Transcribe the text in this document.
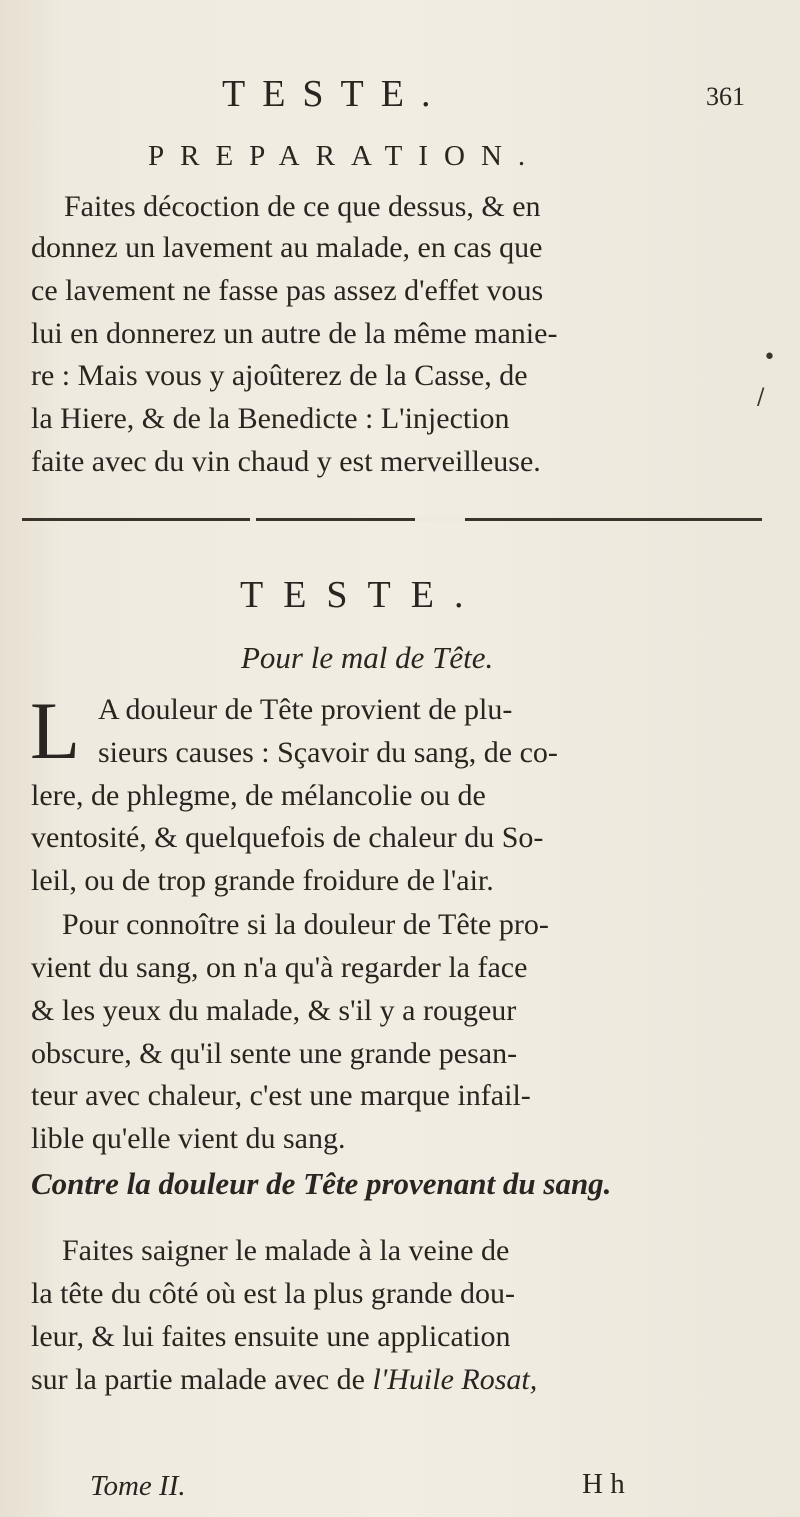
TESTE.	361
PREPARATION.
Faites décoction de ce que dessus, & en
donnez un lavement au malade, en cas que
ce lavement ne fasse pas assez d'effet vous
lui en donnerez un autre de la même manie-
re : Mais vous y ajoûterez de la Casse, de
la Hiere, & de la Benedicte : L'injection
faite avec du vin chaud y est merveilleuse.
•
/
TESTE.
Pour le mal de Tête.
L A douleur de Tête provient de plu-
sieurs causes : Sçavoir du sang, de co-
lere, de phlegme, de mélancolie ou de
ventosité, & quelquefois de chaleur du So-
leil, ou de trop grande froidure de l'air.
Pour connoître si la douleur de Tête pro-
vient du sang, on n'a qu'à regarder la face
& les yeux du malade, & s'il y a rougeur
obscure, & qu'il sente une grande pesan-
teur avec chaleur, c'est une marque infail-
lible qu'elle vient du sang.
Contre la douleur de Tête provenant du sang.
Faites saigner le malade à la veine de
la tête du côté où est la plus grande dou-
leur, & lui faites ensuite une application
sur la partie malade avec de l'Huile Rosat,
Tome II.	H h
